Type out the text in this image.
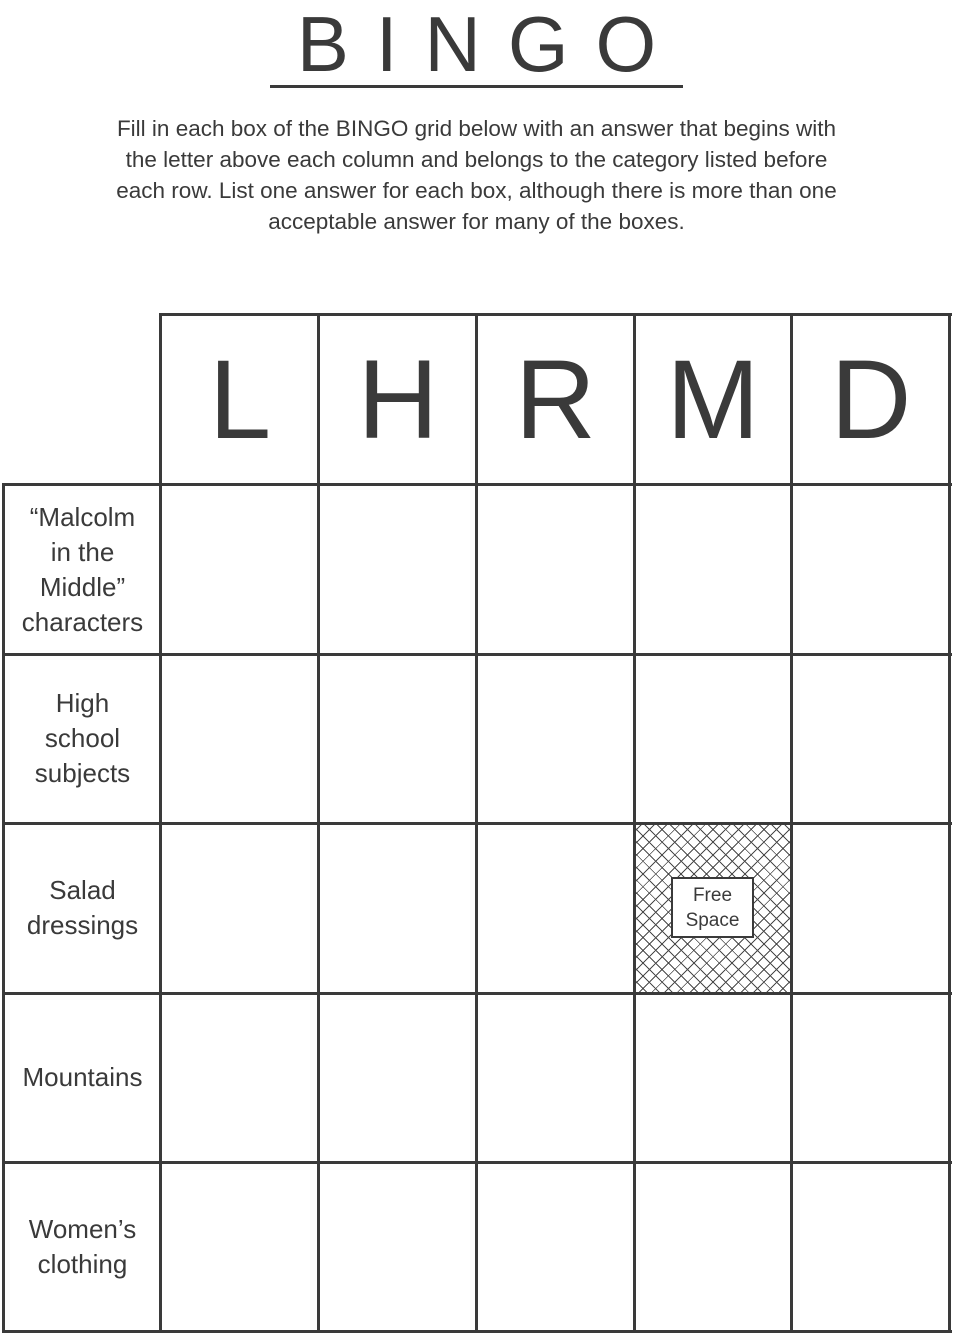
BINGO
Fill in each box of the BINGO grid below with an answer that begins with the letter above each column and belongs to the category listed before each row. List one answer for each box, although there is more than one acceptable answer for many of the boxes.
L H R M D
“Malcolm
in the
Middle”
characters
High
school
subjects
Salad
dressings
Mountains
Women’s
clothing
Free
Space
